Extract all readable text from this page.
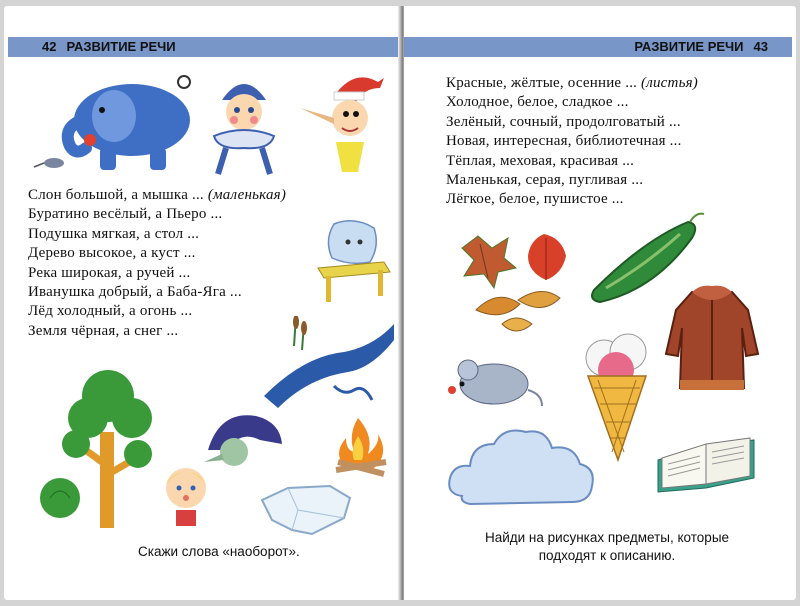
42 РАЗВИТИЕ РЕЧИ
Слон большой, а мышка ... (маленькая)
Буратино весёлый, а Пьеро ...
Подушка мягкая, а стол ...
Дерево высокое, а куст ...
Река широкая, а ручей ...
Иванушка добрый, а Баба-Яга ...
Лёд холодный, а огонь ...
Земля чёрная, а снег ...
Скажи слова «наоборот».
РАЗВИТИЕ РЕЧИ 43
Красные, жёлтые, осенние ... (листья)
Холодное, белое, сладкое ...
Зелёный, сочный, продолговатый ...
Новая, интересная, библиотечная ...
Тёплая, меховая, красивая ...
Маленькая, серая, пугливая ...
Лёгкое, белое, пушистое ...
Найди на рисунках предметы, которые
подходят к описанию.
